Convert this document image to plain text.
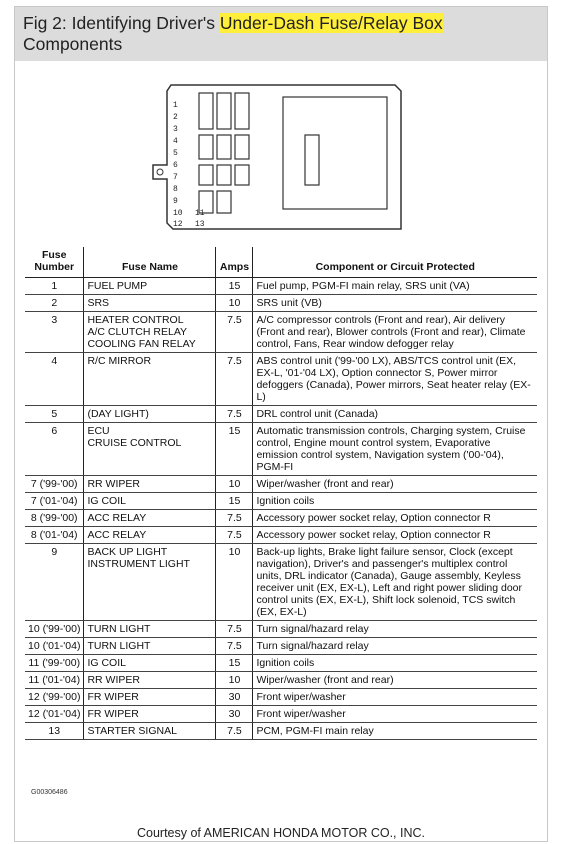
Fig 2: Identifying Driver's Under-Dash Fuse/Relay Box Components
1
2
3
4
5
6
7
8
9
10 11
12 13
Fuse Number	Fuse Name	Amps	Component or Circuit Protected
1	FUEL PUMP	15	Fuel pump, PGM-FI main relay, SRS unit (VA)
2	SRS	10	SRS unit (VB)
3	HEATER CONTROL
A/C CLUTCH RELAY
COOLING FAN RELAY	7.5	A/C compressor controls (Front and rear), Air delivery (Front and rear), Blower controls (Front and rear), Climate control, Fans, Rear window defogger relay
4	R/C MIRROR	7.5	ABS control unit ('99-'00 LX), ABS/TCS control unit (EX, EX-L, '01-'04 LX), Option connector S, Power mirror defoggers (Canada), Power mirrors, Seat heater relay (EX-L)
5	(DAY LIGHT)	7.5	DRL control unit (Canada)
6	ECU
CRUISE CONTROL	15	Automatic transmission controls, Charging system, Cruise control, Engine mount control system, Evaporative emission control system, Navigation system ('00-'04), PGM-FI
7 ('99-'00)	RR WIPER	10	Wiper/washer (front and rear)
7 ('01-'04)	IG COIL	15	Ignition coils
8 ('99-'00)	ACC RELAY	7.5	Accessory power socket relay, Option connector R
8 ('01-'04)	ACC RELAY	7.5	Accessory power socket relay, Option connector R
9	BACK UP LIGHT
INSTRUMENT LIGHT	10	Back-up lights, Brake light failure sensor, Clock (except navigation), Driver's and passenger's multiplex control units, DRL indicator (Canada), Gauge assembly, Keyless receiver unit (EX, EX-L), Left and right power sliding door control units (EX, EX-L), Shift lock solenoid, TCS switch (EX, EX-L)
10 ('99-'00)	TURN LIGHT	7.5	Turn signal/hazard relay
10 ('01-'04)	TURN LIGHT	7.5	Turn signal/hazard relay
11 ('99-'00)	IG COIL	15	Ignition coils
11 ('01-'04)	RR WIPER	10	Wiper/washer (front and rear)
12 ('99-'00)	FR WIPER	30	Front wiper/washer
12 ('01-'04)	FR WIPER	30	Front wiper/washer
13	STARTER SIGNAL	7.5	PCM, PGM-FI main relay
G00306486
Courtesy of AMERICAN HONDA MOTOR CO., INC.
